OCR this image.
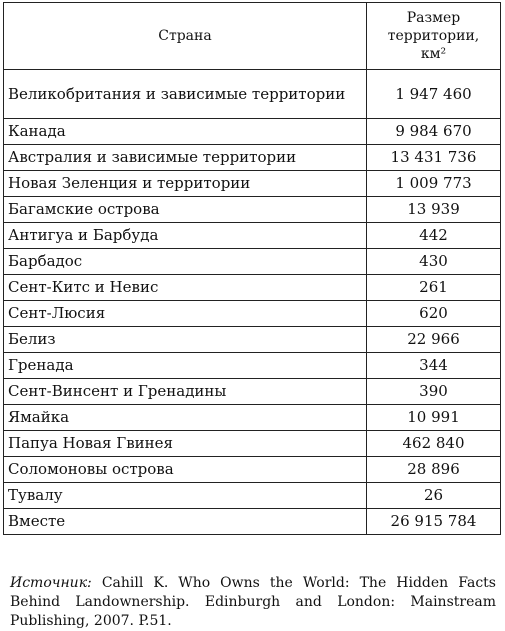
Страна	Размер
территории,
км²
Великобритания и зависимые территории	1 947 460
Канада	9 984 670
Австралия и зависимые территории	13 431 736
Новая Зеленция и территории	1 009 773
Багамские острова	13 939
Антигуа и Барбуда	442
Барбадос	430
Сент-Китс и Невис	261
Сент-Люсия	620
Белиз	22 966
Гренада	344
Сент-Винсент и Гренадины	390
Ямайка	10 991
Папуа Новая Гвинея	462 840
Соломоновы острова	28 896
Тувалу	26
Вместе	26 915 784

Источник: Cahill K. Who Owns the World: The Hidden Facts Behind Landownership. Edinburgh and London: Mainstream Publishing, 2007. P.51.
